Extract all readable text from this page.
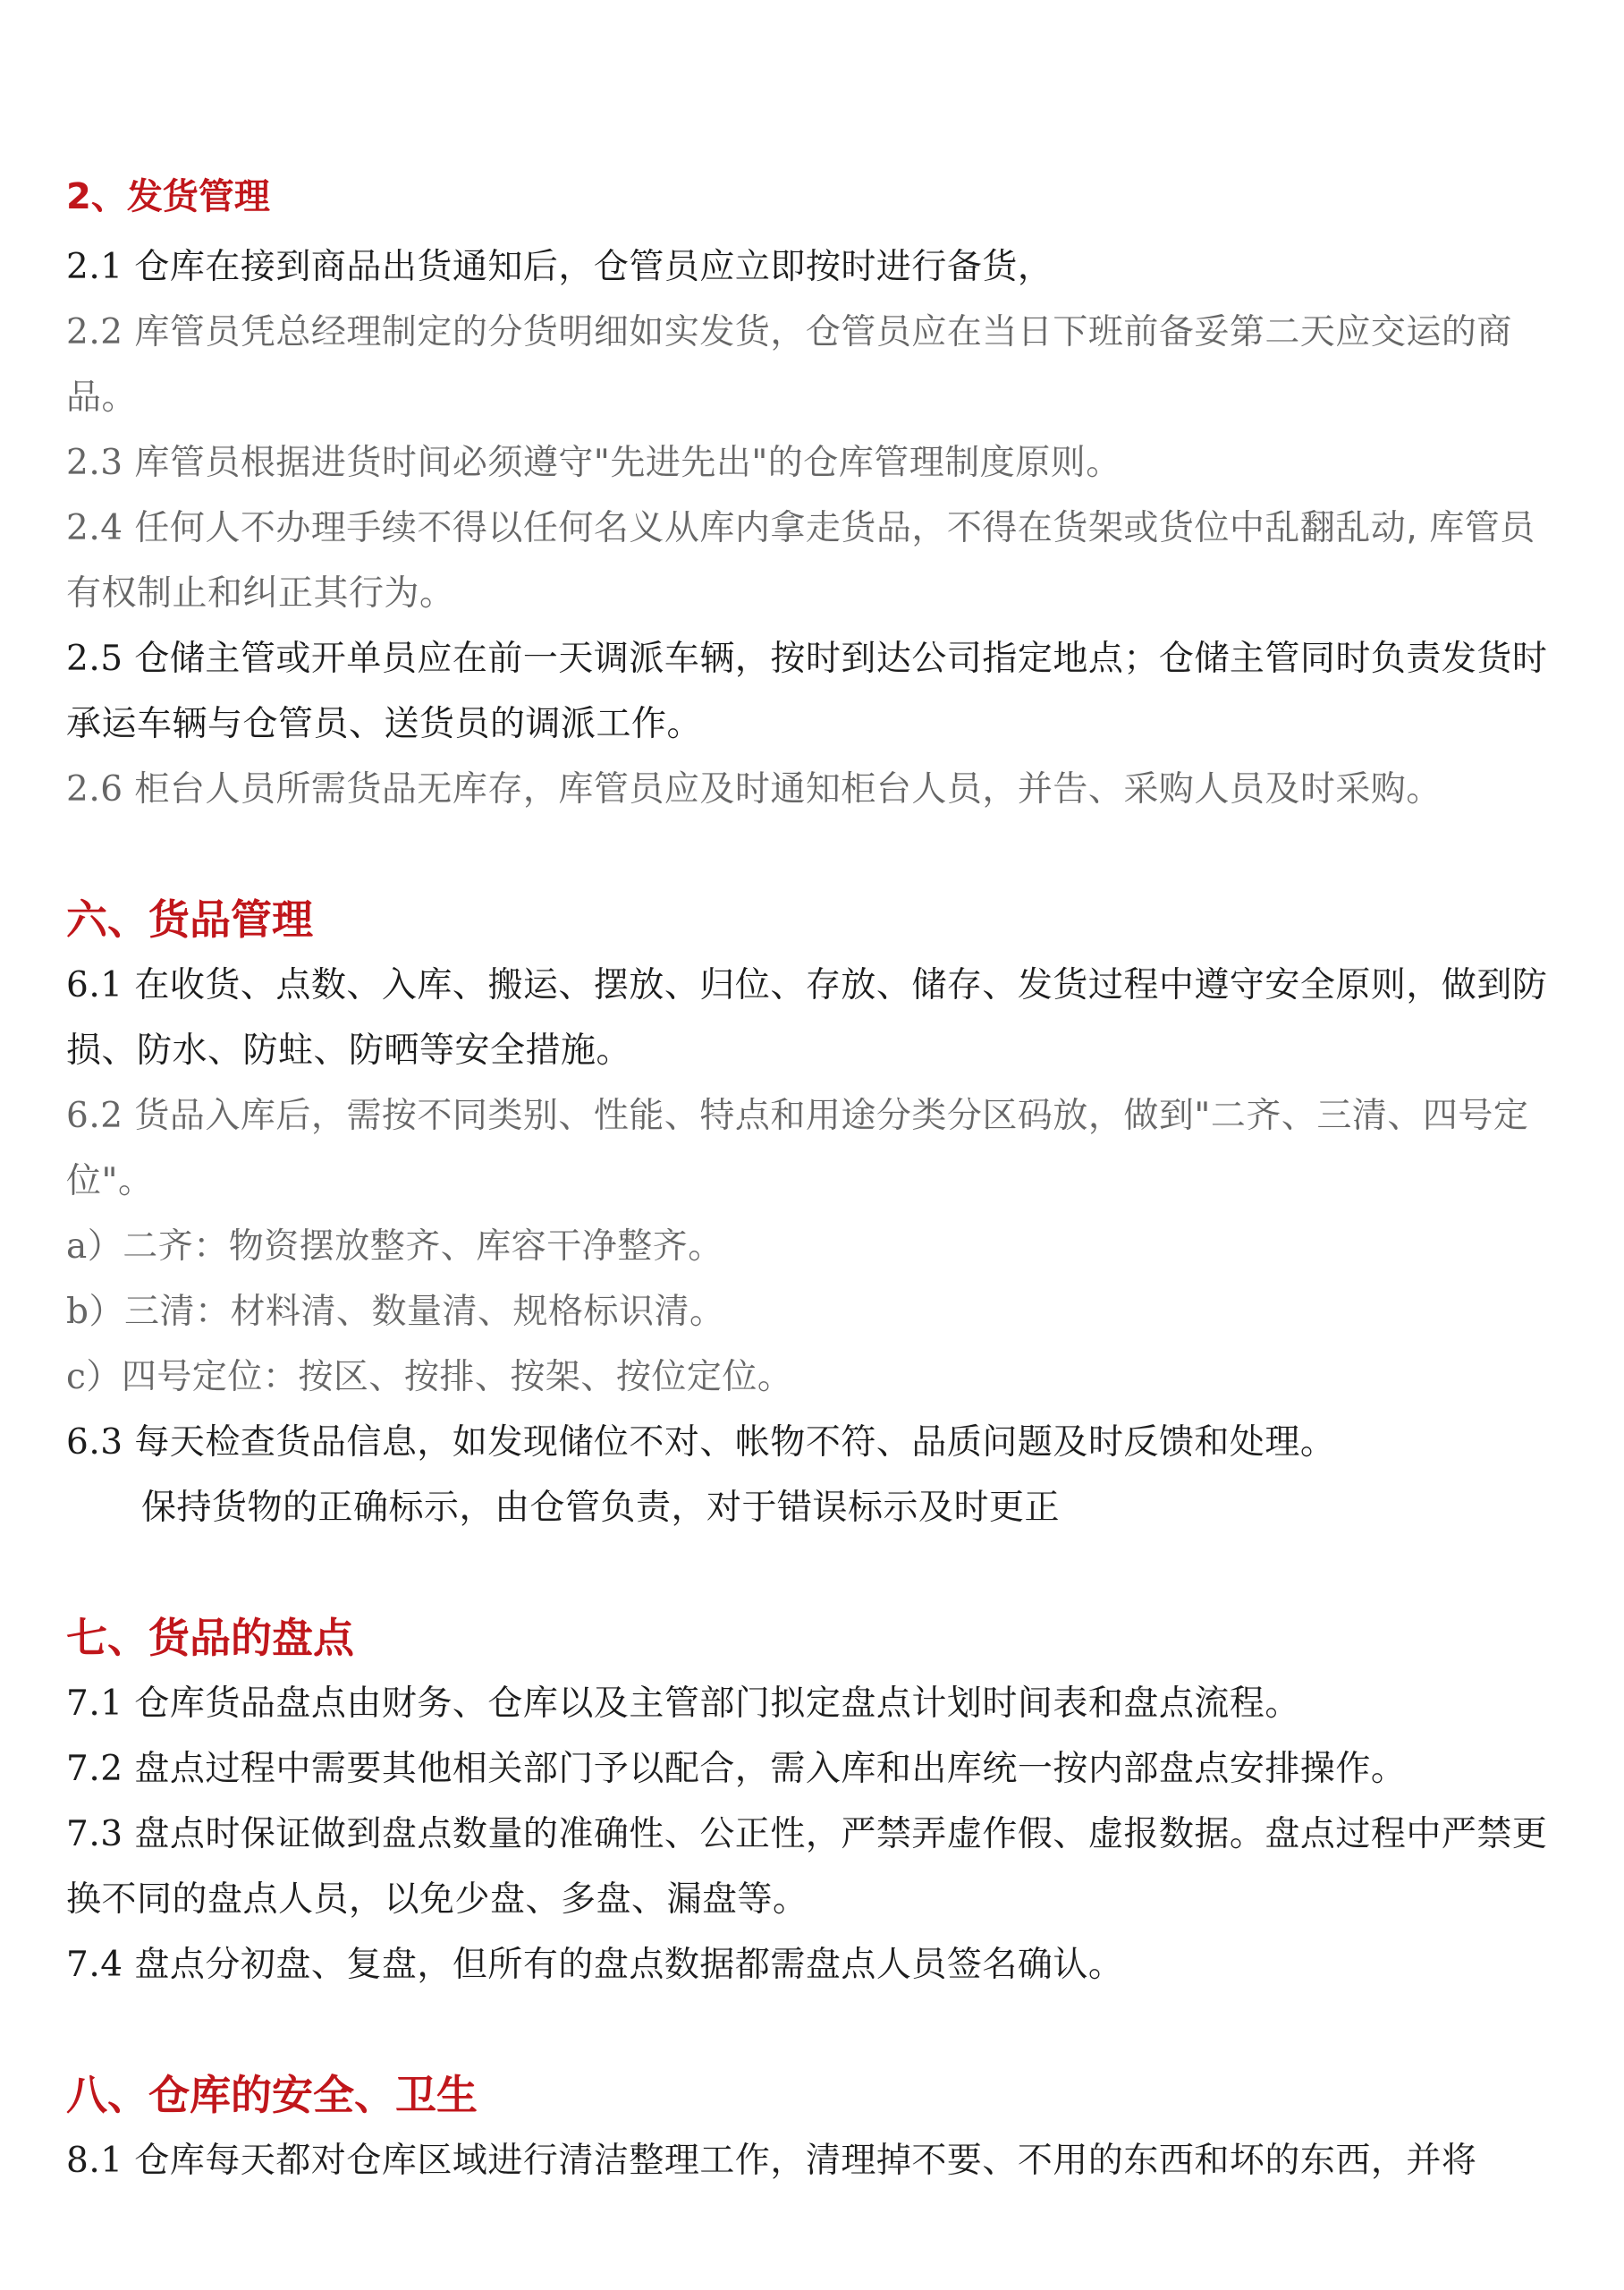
2、发货管理

2.1 仓库在接到商品出货通知后，仓管员应立即按时进行备货，

2.2 库管员凭总经理制定的分货明细如实发货，仓管员应在当日下班前备妥第二天应交运的商品。

2.3 库管员根据进货时间必须遵守"先进先出"的仓库管理制度原则。

2.4 任何人不办理手续不得以任何名义从库内拿走货品，不得在货架或货位中乱翻乱动, 库管员有权制止和纠正其行为。

2.5 仓储主管或开单员应在前一天调派车辆，按时到达公司指定地点；仓储主管同时负责发货时承运车辆与仓管员、送货员的调派工作。

2.6 柜台人员所需货品无库存，库管员应及时通知柜台人员，并告、采购人员及时采购。

六、货品管理

6.1 在收货、点数、入库、搬运、摆放、归位、存放、储存、发货过程中遵守安全原则，做到防损、防水、防蛀、防晒等安全措施。

6.2 货品入库后，需按不同类别、性能、特点和用途分类分区码放，做到"二齐、三清、四号定位"。

a）二齐：物资摆放整齐、库容干净整齐。

b）三清：材料清、数量清、规格标识清。

c）四号定位：按区、按排、按架、按位定位。

6.3 每天检查货品信息，如发现储位不对、帐物不符、品质问题及时反馈和处理。

保持货物的正确标示，由仓管负责，对于错误标示及时更正

七、货品的盘点

7.1 仓库货品盘点由财务、仓库以及主管部门拟定盘点计划时间表和盘点流程。

7.2 盘点过程中需要其他相关部门予以配合，需入库和出库统一按内部盘点安排操作。

7.3 盘点时保证做到盘点数量的准确性、公正性，严禁弄虚作假、虚报数据。盘点过程中严禁更换不同的盘点人员，以免少盘、多盘、漏盘等。

7.4 盘点分初盘、复盘，但所有的盘点数据都需盘点人员签名确认。

八、仓库的安全、卫生

8.1 仓库每天都对仓库区域进行清洁整理工作，清理掉不要、不用的东西和坏的东西，并将
